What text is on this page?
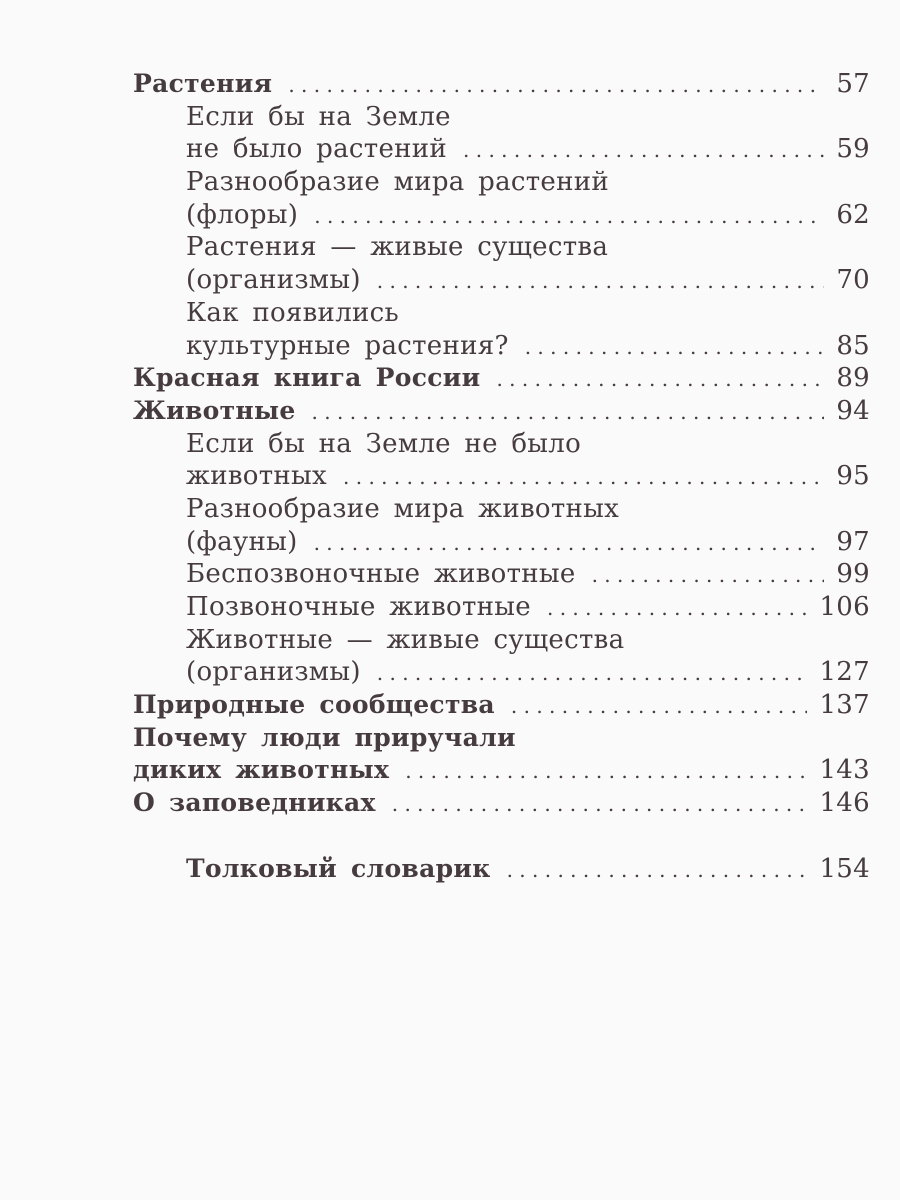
Растения . . .	57
Если бы на Земле
не было растений . . .	59
Разнообразие мира растений
(флоры) . . .	62
Растения — живые существа
(организмы) . . .	70
Как появились
культурные растения? . . .	85
Красная книга России . . .	89
Животные . . .	94
Если бы на Земле не было
животных . . .	95
Разнообразие мира животных
(фауны) . . .	97
Беспозвоночные животные . . .	99
Позвоночные животные . . .	106
Животные — живые существа
(организмы) . . .	127
Природные сообщества . . .	137
Почему люди приручали
диких животных . . .	143
О заповедниках . . .	146
Толковый словарик . . .	154
